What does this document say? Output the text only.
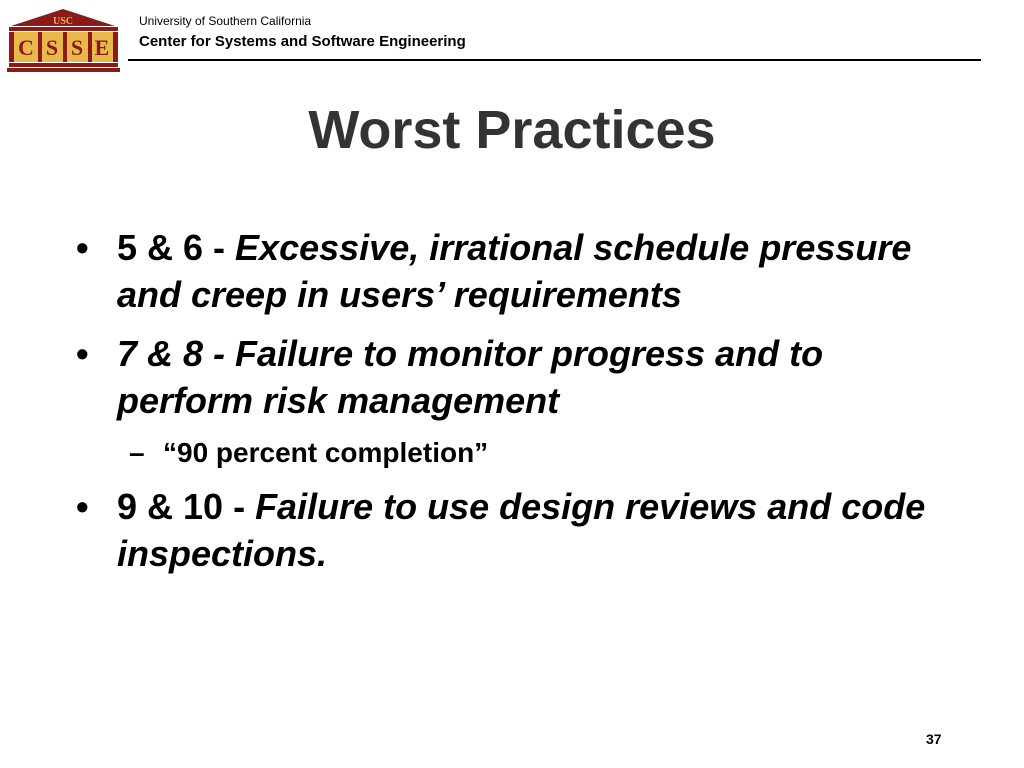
USC
C S S E
University of Southern California
Center for Systems and Software Engineering
Worst Practices
• 5 & 6 - Excessive, irrational schedule pressure and creep in users’ requirements
• 7 & 8 - Failure to monitor progress and to perform risk management
– “90 percent completion”
• 9 & 10 - Failure to use design reviews and code inspections.
37
